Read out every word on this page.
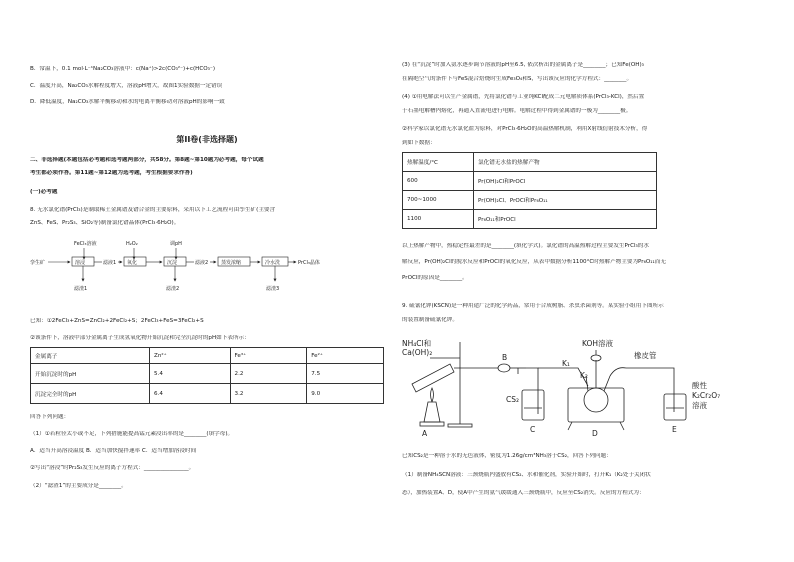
B．常温下，0.1 mol·L⁻¹Na₂CO₃溶液中：c(Na⁺)>2c(CO₃²⁻)+c(HCO₃⁻)
C．温度升高，Na₂CO₃水解程度增大，溶液pH增大，故图1实验数据一定错误
D．降低温度，Na₂CO₃水解平衡移动和水的电离平衡移动对溶液pH的影响一致
第II卷(非选择题)
二、非选择题(本题包括必考题和选考题两部分，共58分。第8题~第10题为必考题，每个试题
考生都必须作答。第11题~第12题为选考题，考生根据要求作答)
(一)必考题
8. 无水氯化镨(PrCl₃)是制取稀土金属镨及镨合金的主要原料，采用以下工艺流程可由孪生矿(主要含
ZnS、FeS、Pr₂S₃、SiO₂等)制备氯化镨晶体(PrCl₃·6H₂O)。
FeCl₃溶液	H₂O₂	调pH
孪生矿	溶浸	滤液1 氧化	沉淀	滤液2	蒸发浓缩	冷水洗	PrCl₃晶体
滤渣1	滤渣2	滤渣3
已知：①2FeCl₃+ZnS=ZnCl₂+2FeCl₂+S；2FeCl₃+FeS=3FeCl₂+S
②该条件下，溶液中部分金属离子生成氢氧化物开始沉淀和完全沉淀时的pH如下表所示：
金属离子	Zn²⁺	Fe³⁺	Fe²⁺
开始沉淀时的pH	5.4	2.2	7.5
沉淀完全时的pH	6.4	3.2	9.0
回答下列问题：
（1）①若粒径太小或不足，下列措施能提高锰元素浸出率的是________(填字母)。
A．适当升高溶浸温度 B．适当加快搅拌速率 C．适当增加溶浸时间
②写出“溶浸”时Pr₂S₃发生反应的离子方程式：________________。
（2）“滤渣1”的主要成分是________。
(3) 在“沉淀”时加入氨水逐步调节溶液的pH至6.5, 依次析出的金属离子是________；已知Fe(OH)₃
在隔绝空气的条件下与FeS混合焙烧时生成Fe₃O₄和S，写出该反应的化学方程式：________。
(4) ①用电解法可以生产金属镨，先将氯化镨与工业纯KCl配成二元电解质体系(PrCl₃-KCl)，然后置
于石墨电解槽内熔化，再通入直流电进行电解。电解过程中得到金属镨的一极为________极。
②科学家以氯化镨无水氯化盐为原料，对PrCl₃·6H₂O的高温热解机制，利用X射线衍射技术分析，得
到如下数据：
热解温度/°C	氯化镨无水盐的热解产物
600	Pr(OH)₂Cl和PrOCl
700~1000	Pr(OH)₂Cl、PrOCl和Pr₆O₁₁
1100	Pr₆O₁₁和PrOCl
以上热解产物中，热稳定性最差的是________(填化学式)。氯化镨的高温热解过程主要发生PrCl₃的水
解反应，Pr(OH)₂Cl的脱水反应和PrOCl的氧化反应，从表中数据分析1100°C时热解产物主要为Pr₆O₁₁而无
PrOCl的原因是________。
9. 硫氰化钾(KSCN)是一种用途广泛的化学药品，常用于合成树脂、杀虫杀菌剂等。某实验小组用下图所示
的装置制备硫氰化钾。
NH₄Cl和
Ca(OH)₂
B
CS₂
KOH溶液
K₁
K₂
橡皮管
酸性
K₂Cr₂O₇
溶液
A	C	D	E
已知CS₂是一种溶于水的无色液体，密度为1.26g/cm³NH₃溶于CS₂，回答下列问题：
（1）制备NH₄SCN溶液：三颈烧瓶内盛放有CS₂、水和催化剂，实验开始时，打开K₁（K₂处于关闭状
态），加热装置A、D，使A中产生的氨气缓缓通入三颈烧瓶中，反应至CS₂消失。反应的方程式为：
